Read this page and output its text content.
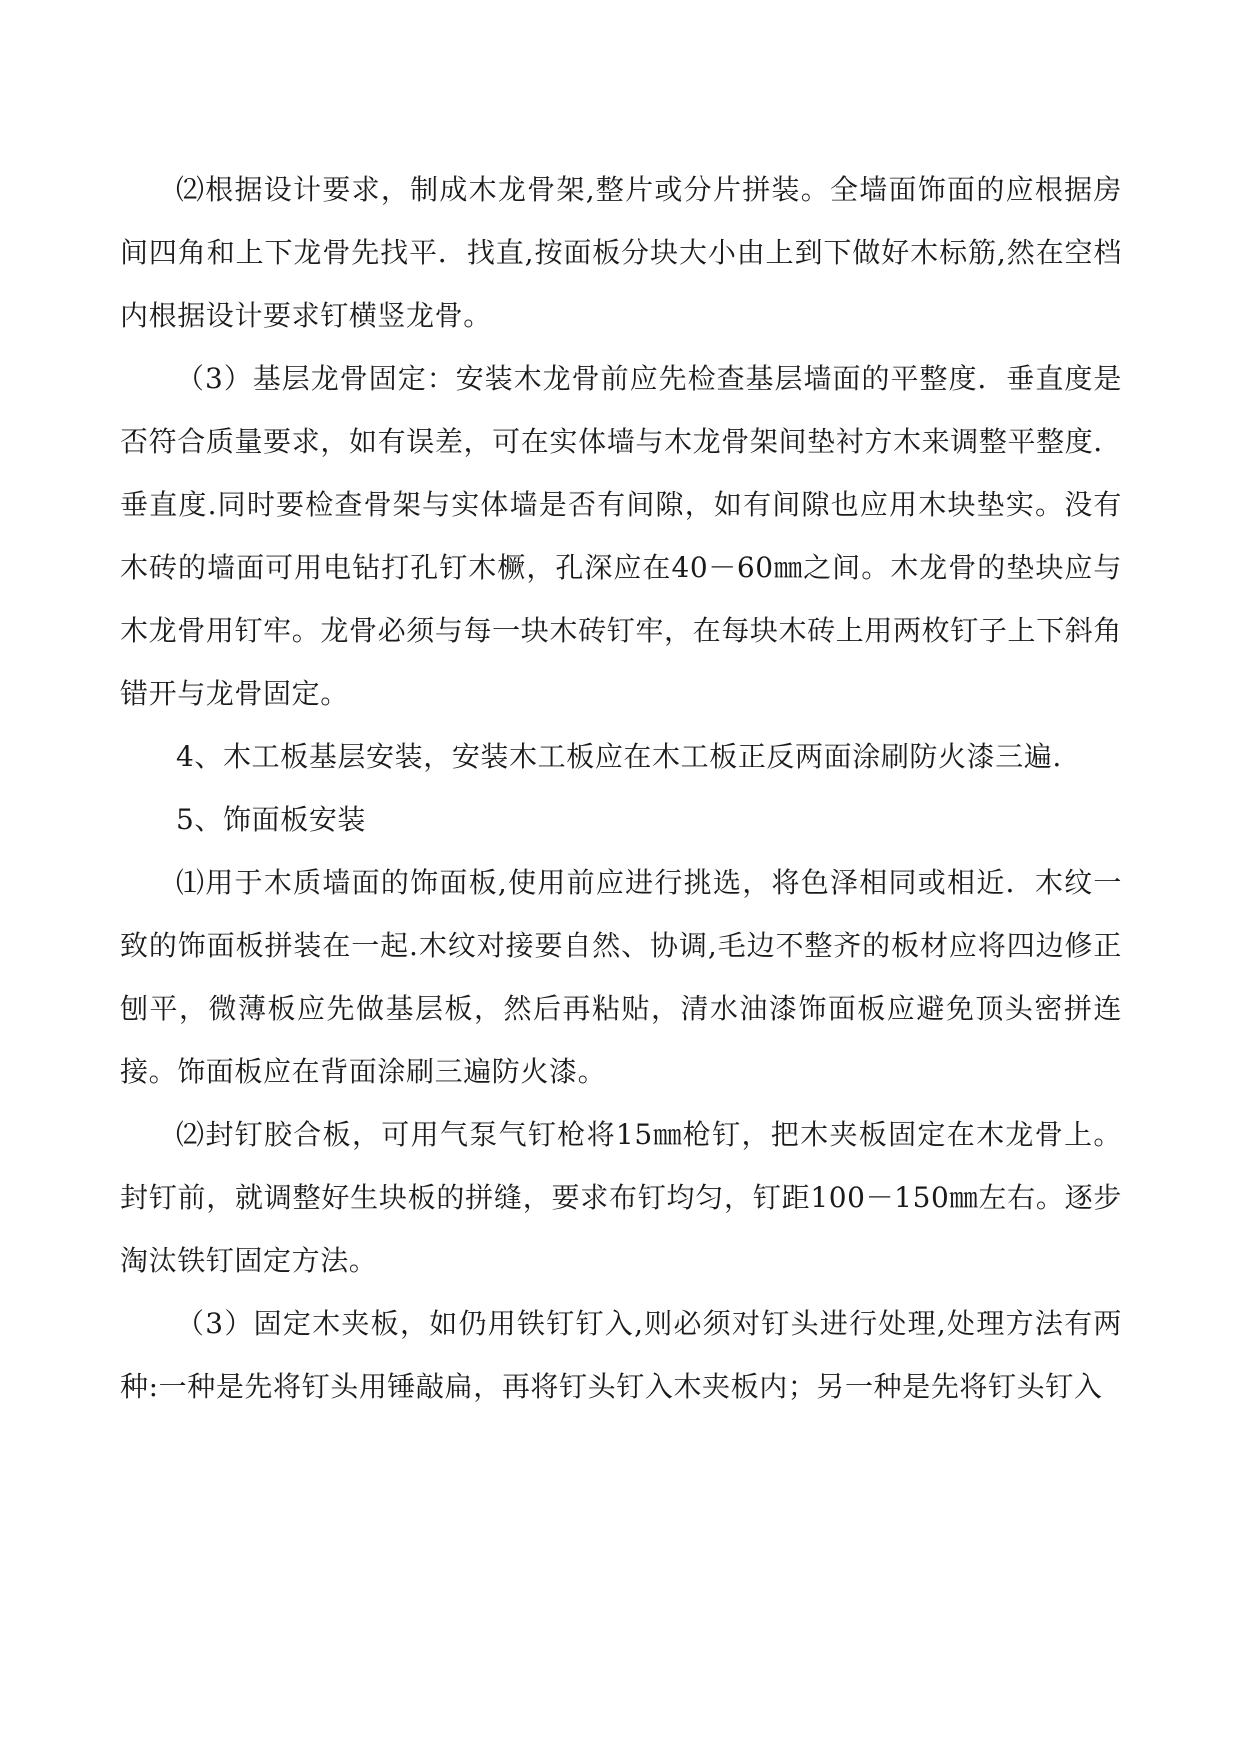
⑵根据设计要求，制成木龙骨架,整片或分片拼装。全墙面饰面的应根据房间四角和上下龙骨先找平．找直,按面板分块大小由上到下做好木标筋,然在空档内根据设计要求钉横竖龙骨。

（3）基层龙骨固定：安装木龙骨前应先检查基层墙面的平整度．垂直度是否符合质量要求，如有误差，可在实体墙与木龙骨架间垫衬方木来调整平整度．垂直度.同时要检查骨架与实体墙是否有间隙，如有间隙也应用木块垫实。没有木砖的墙面可用电钻打孔钉木橛，孔深应在40－60㎜之间。木龙骨的垫块应与木龙骨用钉牢。龙骨必须与每一块木砖钉牢，在每块木砖上用两枚钉子上下斜角错开与龙骨固定。

4、木工板基层安装，安装木工板应在木工板正反两面涂刷防火漆三遍.

5、饰面板安装

⑴用于木质墙面的饰面板,使用前应进行挑选，将色泽相同或相近．木纹一致的饰面板拼装在一起.木纹对接要自然、协调,毛边不整齐的板材应将四边修正刨平，微薄板应先做基层板，然后再粘贴，清水油漆饰面板应避免顶头密拼连接。饰面板应在背面涂刷三遍防火漆。

⑵封钉胶合板，可用气泵气钉枪将15㎜枪钉，把木夹板固定在木龙骨上。封钉前，就调整好生块板的拼缝，要求布钉均匀，钉距100－150㎜左右。逐步淘汰铁钉固定方法。

（3）固定木夹板，如仍用铁钉钉入,则必须对钉头进行处理,处理方法有两种:一种是先将钉头用锤敲扁，再将钉头钉入木夹板内；另一种是先将钉头钉入
